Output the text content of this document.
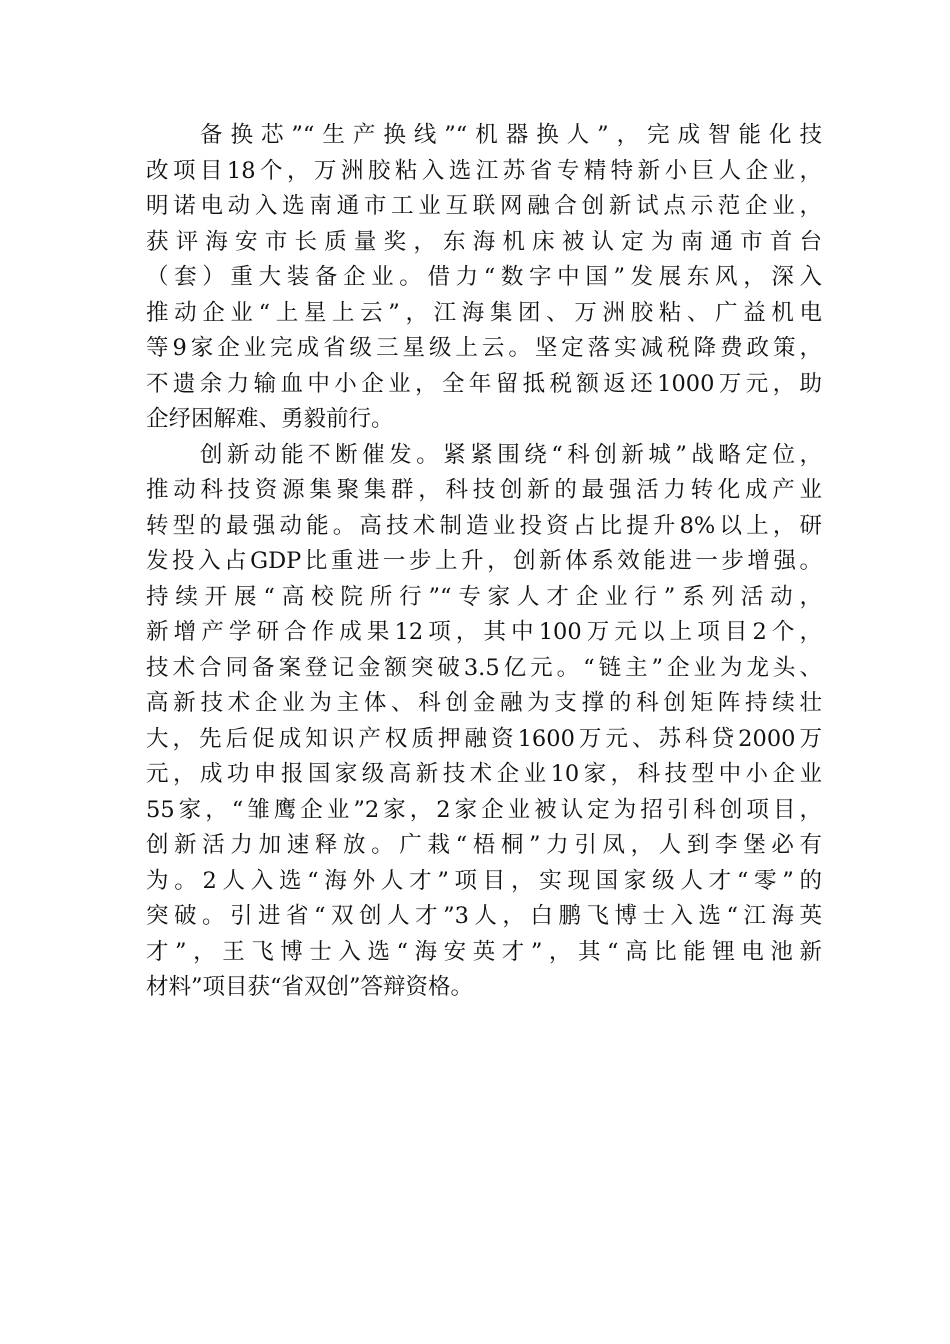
备换芯”“生产换线”“机器换人”，完成智能化技
改项目18个，万洲胶粘入选江苏省专精特新小巨人企业，
明诺电动入选南通市工业互联网融合创新试点示范企业，
获评海安市长质量奖，东海机床被认定为南通市首台
（套）重大装备企业。借力“数字中国”发展东风，深入
推动企业“上星上云”，江海集团、万洲胶粘、广益机电
等9家企业完成省级三星级上云。坚定落实减税降费政策，
不遗余力输血中小企业，全年留抵税额返还1000万元，助
企纾困解难、勇毅前行。
创新动能不断催发。紧紧围绕“科创新城”战略定位，
推动科技资源集聚集群，科技创新的最强活力转化成产业
转型的最强动能。高技术制造业投资占比提升8%以上，研
发投入占GDP比重进一步上升，创新体系效能进一步增强。
持续开展“高校院所行”“专家人才企业行”系列活动，
新增产学研合作成果12项，其中100万元以上项目2个，
技术合同备案登记金额突破3.5亿元。“链主”企业为龙头、
高新技术企业为主体、科创金融为支撑的科创矩阵持续壮
大，先后促成知识产权质押融资1600万元、苏科贷2000万
元，成功申报国家级高新技术企业10家，科技型中小企业
55家，“雏鹰企业”2家，2家企业被认定为招引科创项目，
创新活力加速释放。广栽“梧桐”力引凤，人到李堡必有
为。2人入选“海外人才”项目，实现国家级人才“零”的
突破。引进省“双创人才”3人，白鹏飞博士入选“江海英
才”，王飞博士入选“海安英才”，其“高比能锂电池新
材料”项目获“省双创”答辩资格。
